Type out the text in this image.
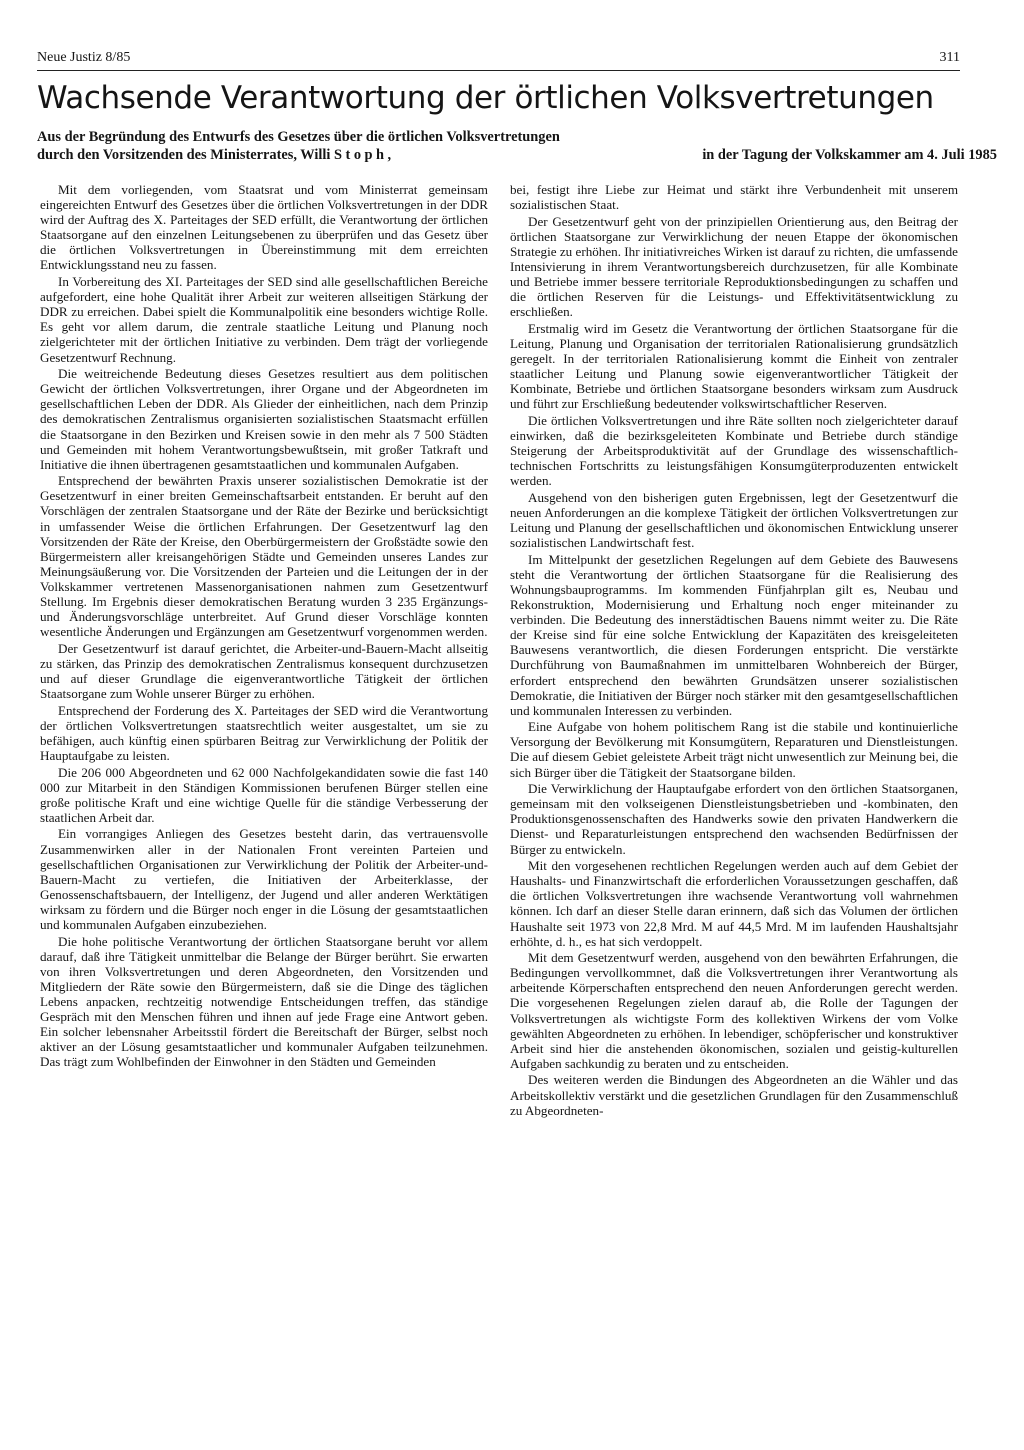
Neue Justiz 8/85	311
Wachsende Verantwortung der örtlichen Volksvertretungen
Aus der Begründung des Entwurfs des Gesetzes über die örtlichen Volksvertretungen
durch den Vorsitzenden des Ministerrates, Willi Stoph,	in der Tagung der Volkskammer am 4. Juli 1985

Mit dem vorliegenden, vom Staatsrat und vom Ministerrat gemeinsam eingereichten Entwurf des Gesetzes über die örtlichen Volksvertretungen in der DDR wird der Auftrag des X. Parteitages der SED erfüllt, die Verantwortung der örtlichen Staatsorgane auf den einzelnen Leitungsebenen zu überprüfen und das Gesetz über die örtlichen Volksvertretungen in Übereinstimmung mit dem erreichten Entwicklungsstand neu zu fassen.

In Vorbereitung des XI. Parteitages der SED sind alle gesellschaftlichen Bereiche aufgefordert, eine hohe Qualität ihrer Arbeit zur weiteren allseitigen Stärkung der DDR zu erreichen. Dabei spielt die Kommunalpolitik eine besonders wichtige Rolle. Es geht vor allem darum, die zentrale staatliche Leitung und Planung noch zielgerichteter mit der örtlichen Initiative zu verbinden. Dem trägt der vorliegende Gesetzentwurf Rechnung.

Die weitreichende Bedeutung dieses Gesetzes resultiert aus dem politischen Gewicht der örtlichen Volksvertretungen, ihrer Organe und der Abgeordneten im gesellschaftlichen Leben der DDR. Als Glieder der einheitlichen, nach dem Prinzip des demokratischen Zentralismus organisierten sozialistischen Staatsmacht erfüllen die Staatsorgane in den Bezirken und Kreisen sowie in den mehr als 7 500 Städten und Gemeinden mit hohem Verantwortungsbewußtsein, mit großer Tatkraft und Initiative die ihnen übertragenen gesamtstaatlichen und kommunalen Aufgaben.

Entsprechend der bewährten Praxis unserer sozialistischen Demokratie ist der Gesetzentwurf in einer breiten Gemeinschaftsarbeit entstanden. Er beruht auf den Vorschlägen der zentralen Staatsorgane und der Räte der Bezirke und berücksichtigt in umfassender Weise die örtlichen Erfahrungen. Der Gesetzentwurf lag den Vorsitzenden der Räte der Kreise, den Oberbürgermeistern der Großstädte sowie den Bürgermeistern aller kreisangehörigen Städte und Gemeinden unseres Landes zur Meinungsäußerung vor. Die Vorsitzenden der Parteien und die Leitungen der in der Volkskammer vertretenen Massenorganisationen nahmen zum Gesetzentwurf Stellung. Im Ergebnis dieser demokratischen Beratung wurden 3 235 Ergänzungs- und Änderungsvorschläge unterbreitet. Auf Grund dieser Vorschläge konnten wesentliche Änderungen und Ergänzungen am Gesetzentwurf vorgenommen werden.

Der Gesetzentwurf ist darauf gerichtet, die Arbeiter-und-Bauern-Macht allseitig zu stärken, das Prinzip des demokratischen Zentralismus konsequent durchzusetzen und auf dieser Grundlage die eigenverantwortliche Tätigkeit der örtlichen Staatsorgane zum Wohle unserer Bürger zu erhöhen.

Entsprechend der Forderung des X. Parteitages der SED wird die Verantwortung der örtlichen Volksvertretungen staatsrechtlich weiter ausgestaltet, um sie zu befähigen, auch künftig einen spürbaren Beitrag zur Verwirklichung der Politik der Hauptaufgabe zu leisten.

Die 206 000 Abgeordneten und 62 000 Nachfolgekandidaten sowie die fast 140 000 zur Mitarbeit in den Ständigen Kommissionen berufenen Bürger stellen eine große politische Kraft und eine wichtige Quelle für die ständige Verbesserung der staatlichen Arbeit dar.

Ein vorrangiges Anliegen des Gesetzes besteht darin, das vertrauensvolle Zusammenwirken aller in der Nationalen Front vereinten Parteien und gesellschaftlichen Organisationen zur Verwirklichung der Politik der Arbeiter-und-Bauern-Macht zu vertiefen, die Initiativen der Arbeiterklasse, der Genossenschaftsbauern, der Intelligenz, der Jugend und aller anderen Werktätigen wirksam zu fördern und die Bürger noch enger in die Lösung der gesamtstaatlichen und kommunalen Aufgaben einzubeziehen.

Die hohe politische Verantwortung der örtlichen Staatsorgane beruht vor allem darauf, daß ihre Tätigkeit unmittelbar die Belange der Bürger berührt. Sie erwarten von ihren Volksvertretungen und deren Abgeordneten, den Vorsitzenden und Mitgliedern der Räte sowie den Bürgermeistern, daß sie die Dinge des täglichen Lebens anpacken, rechtzeitig notwendige Entscheidungen treffen, das ständige Gespräch mit den Menschen führen und ihnen auf jede Frage eine Antwort geben. Ein solcher lebensnaher Arbeitsstil fördert die Bereitschaft der Bürger, selbst noch aktiver an der Lösung gesamtstaatlicher und kommunaler Aufgaben teilzunehmen. Das trägt zum Wohlbefinden der Einwohner in den Städten und Gemeinden

bei, festigt ihre Liebe zur Heimat und stärkt ihre Verbundenheit mit unserem sozialistischen Staat.

Der Gesetzentwurf geht von der prinzipiellen Orientierung aus, den Beitrag der örtlichen Staatsorgane zur Verwirklichung der neuen Etappe der ökonomischen Strategie zu erhöhen. Ihr initiativreiches Wirken ist darauf zu richten, die umfassende Intensivierung in ihrem Verantwortungsbereich durchzusetzen, für alle Kombinate und Betriebe immer bessere territoriale Reproduktionsbedingungen zu schaffen und die örtlichen Reserven für die Leistungs- und Effektivitätsentwicklung zu erschließen.

Erstmalig wird im Gesetz die Verantwortung der örtlichen Staatsorgane für die Leitung, Planung und Organisation der territorialen Rationalisierung grundsätzlich geregelt. In der territorialen Rationalisierung kommt die Einheit von zentraler staatlicher Leitung und Planung sowie eigenverantwortlicher Tätigkeit der Kombinate, Betriebe und örtlichen Staatsorgane besonders wirksam zum Ausdruck und führt zur Erschließung bedeutender volkswirtschaftlicher Reserven.

Die örtlichen Volksvertretungen und ihre Räte sollten noch zielgerichteter darauf einwirken, daß die bezirksgeleiteten Kombinate und Betriebe durch ständige Steigerung der Arbeitsproduktivität auf der Grundlage des wissenschaftlich-technischen Fortschritts zu leistungsfähigen Konsumgüterproduzenten entwickelt werden.

Ausgehend von den bisherigen guten Ergebnissen, legt der Gesetzentwurf die neuen Anforderungen an die komplexe Tätigkeit der örtlichen Volksvertretungen zur Leitung und Planung der gesellschaftlichen und ökonomischen Entwicklung unserer sozialistischen Landwirtschaft fest.

Im Mittelpunkt der gesetzlichen Regelungen auf dem Gebiete des Bauwesens steht die Verantwortung der örtlichen Staatsorgane für die Realisierung des Wohnungsbauprogramms. Im kommenden Fünfjahrplan gilt es, Neubau und Rekonstruktion, Modernisierung und Erhaltung noch enger miteinander zu verbinden. Die Bedeutung des innerstädtischen Bauens nimmt weiter zu. Die Räte der Kreise sind für eine solche Entwicklung der Kapazitäten des kreisgeleiteten Bauwesens verantwortlich, die diesen Forderungen entspricht. Die verstärkte Durchführung von Baumaßnahmen im unmittelbaren Wohnbereich der Bürger, erfordert entsprechend den bewährten Grundsätzen unserer sozialistischen Demokratie, die Initiativen der Bürger noch stärker mit den gesamtgesellschaftlichen und kommunalen Interessen zu verbinden.

Eine Aufgabe von hohem politischem Rang ist die stabile und kontinuierliche Versorgung der Bevölkerung mit Konsumgütern, Reparaturen und Dienstleistungen. Die auf diesem Gebiet geleistete Arbeit trägt nicht unwesentlich zur Meinung bei, die sich Bürger über die Tätigkeit der Staatsorgane bilden.

Die Verwirklichung der Hauptaufgabe erfordert von den örtlichen Staatsorganen, gemeinsam mit den volkseigenen Dienstleistungsbetrieben und -kombinaten, den Produktionsgenossenschaften des Handwerks sowie den privaten Handwerkern die Dienst- und Reparaturleistungen entsprechend den wachsenden Bedürfnissen der Bürger zu entwickeln.

Mit den vorgesehenen rechtlichen Regelungen werden auch auf dem Gebiet der Haushalts- und Finanzwirtschaft die erforderlichen Voraussetzungen geschaffen, daß die örtlichen Volksvertretungen ihre wachsende Verantwortung voll wahrnehmen können. Ich darf an dieser Stelle daran erinnern, daß sich das Volumen der örtlichen Haushalte seit 1973 von 22,8 Mrd. M auf 44,5 Mrd. M im laufenden Haushaltsjahr erhöhte, d. h., es hat sich verdoppelt.

Mit dem Gesetzentwurf werden, ausgehend von den bewährten Erfahrungen, die Bedingungen vervollkommnet, daß die Volksvertretungen ihrer Verantwortung als arbeitende Körperschaften entsprechend den neuen Anforderungen gerecht werden. Die vorgesehenen Regelungen zielen darauf ab, die Rolle der Tagungen der Volksvertretungen als wichtigste Form des kollektiven Wirkens der vom Volke gewählten Abgeordneten zu erhöhen. In lebendiger, schöpferischer und konstruktiver Arbeit sind hier die anstehenden ökonomischen, sozialen und geistig-kulturellen Aufgaben sachkundig zu beraten und zu entscheiden.

Des weiteren werden die Bindungen des Abgeordneten an die Wähler und das Arbeitskollektiv verstärkt und die gesetzlichen Grundlagen für den Zusammenschluß zu Abgeordneten-
